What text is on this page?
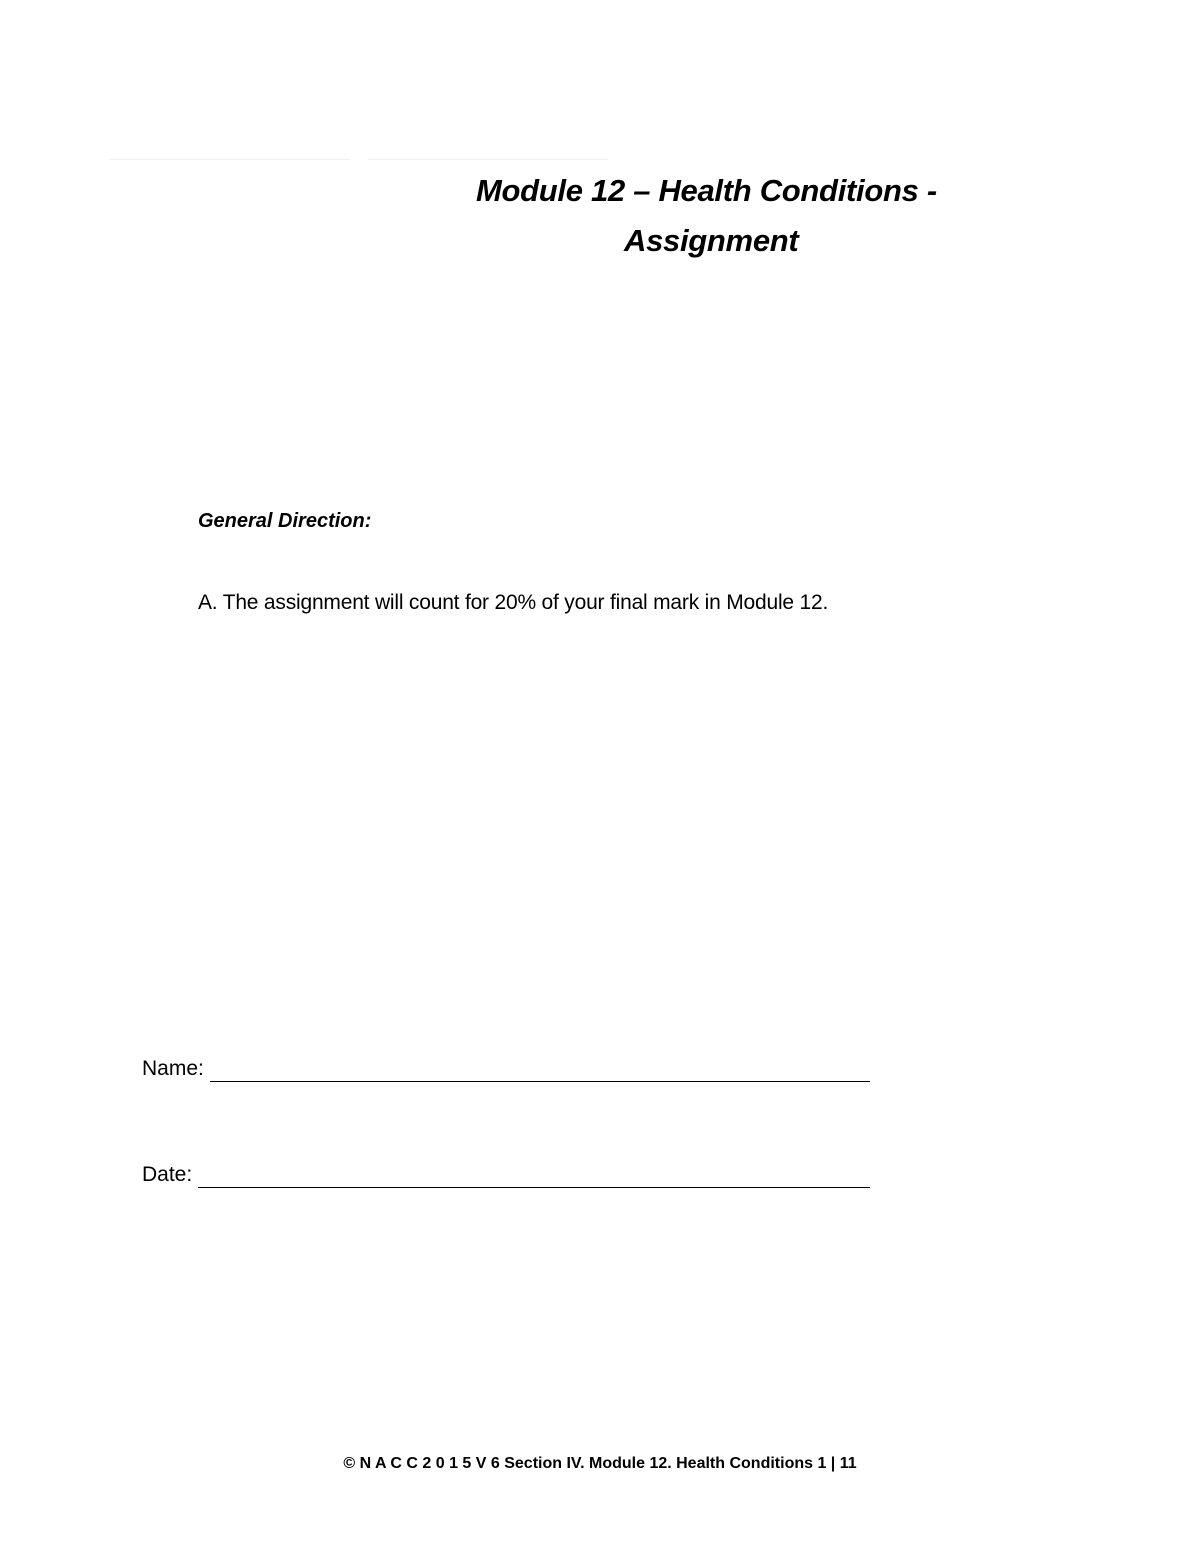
Module 12 – Health Conditions -
Assignment
General Direction:
A. The assignment will count for 20% of your final mark in Module 12.
Name:
Date:
© N A C C 2 0 1 5 V 6 Section IV. Module 12. Health Conditions 1 | 11
